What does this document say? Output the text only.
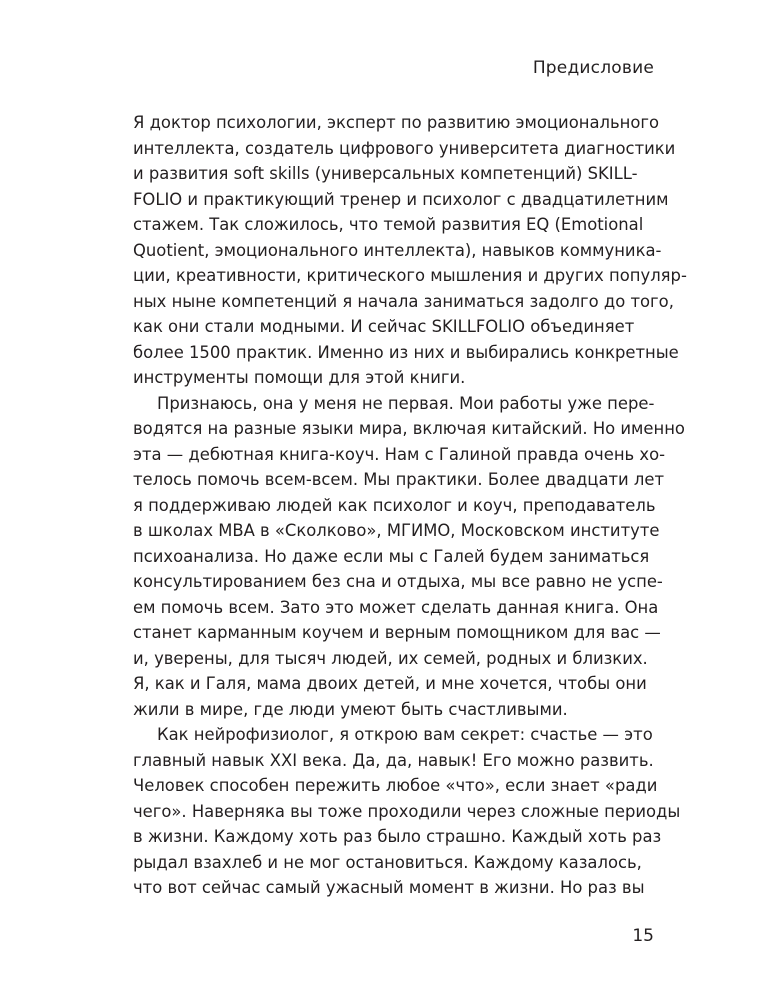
Предисловие
Я доктор психологии, эксперт по развитию эмоционального
интеллекта, создатель цифрового университета диагностики
и развития soft skills (универсальных компетенций) SKILL-
FOLIO и практикующий тренер и психолог с двадцатилетним
стажем. Так сложилось, что темой развития EQ (Emotional
Quotient, эмоционального интеллекта), навыков коммуника-
ции, креативности, критического мышления и других популяр-
ных ныне компетенций я начала заниматься задолго до того,
как они стали модными. И сейчас SKILLFOLIO объединяет
более 1500 практик. Именно из них и выбирались конкретные
инструменты помощи для этой книги.
Признаюсь, она у меня не первая. Мои работы уже пере-
водятся на разные языки мира, включая китайский. Но именно
эта — дебютная книга-коуч. Нам с Галиной правда очень хо-
телось помочь всем-всем. Мы практики. Более двадцати лет
я поддерживаю людей как психолог и коуч, преподаватель
в школах МВА в «Сколково», МГИМО, Московском институте
психоанализа. Но даже если мы с Галей будем заниматься
консультированием без сна и отдыха, мы все равно не успе-
ем помочь всем. Зато это может сделать данная книга. Она
станет карманным коучем и верным помощником для вас —
и, уверены, для тысяч людей, их семей, родных и близких.
Я, как и Галя, мама двоих детей, и мне хочется, чтобы они
жили в мире, где люди умеют быть счастливыми.
Как нейрофизиолог, я открою вам секрет: счастье — это
главный навык XXI века. Да, да, навык! Его можно развить.
Человек способен пережить любое «что», если знает «ради
чего». Наверняка вы тоже проходили через сложные периоды
в жизни. Каждому хоть раз было страшно. Каждый хоть раз
рыдал взахлеб и не мог остановиться. Каждому казалось,
что вот сейчас самый ужасный момент в жизни. Но раз вы
15
